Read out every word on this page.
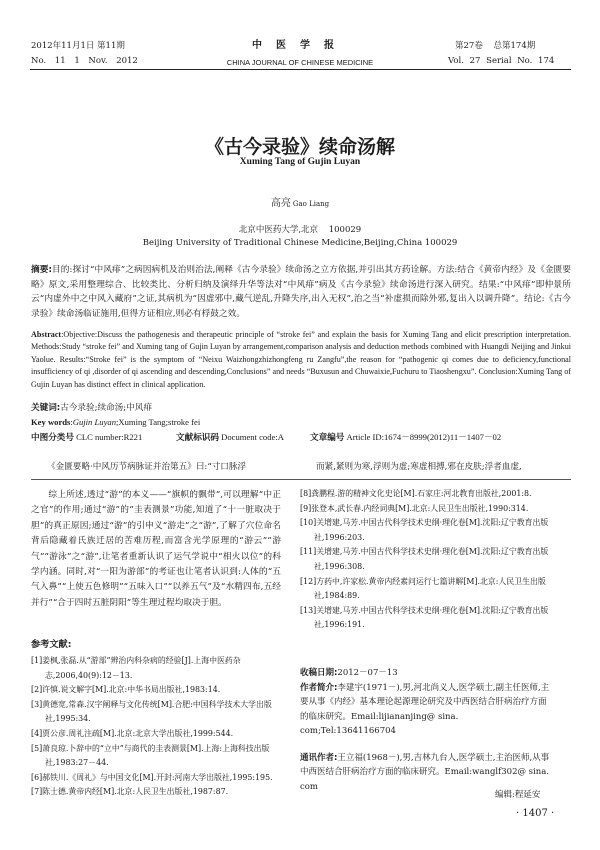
2012年11月1日 第11期
No. 11 1 Nov. 2012
中医学报
CHINA JOURNAL OF CHINESE MEDICINE
第27卷 总第174期
Vol. 27 Serial No. 174
《古今录验》续命汤解
Xuming Tang of Gujin Luyan
高亮 Gao Liang
北京中医药大学,北京 100029
Beijing University of Traditional Chinese Medicine,Beijing,China 100029
摘要:目的:探讨“中风痱”之病因病机及治则治法,阐释《古今录验》续命汤之立方依据,并引出其方药诠解。方法:结合《黄帝内经》及《金匮要略》原文,采用整理综合、比较类比、分析归纳及演绎升华等法对“中风痱”病及《古今录验》续命汤进行深入研究。结果:“中风痱”即仲景所云“内虚外中之中风入藏府”之证,其病机为“因虚邪中,藏气逆乱,升降失序,出入无权”,治之当“补虚损而除外邪,复出入以调升降”。结论:《古今录验》续命汤临证施用,但得方证相应,则必有桴鼓之效。
Abstract:Objective:Discuss the pathogenesis and therapeutic principle of “stroke fei” and explain the basis for Xuming Tang and elicit prescription interpretation. Methods:Study “stroke fei” and Xuming tang of Gujin Luyan by arrangement,comparison analysis and deduction methods combined with Huangdi Neijing and Jinkui Yaolue. Results:“Stroke fei” is the symptom of “Neixu Waizhongzhizhongfeng ru Zangfu”,the reason for “pathogenic qi comes due to deficiency,functional insufficiency of qi ,disorder of qi ascending and descending,Conclusions” and needs “Buxusun and Chuwaixie,Fuchuru to Tiaoshengxu”. Conclusion:Xuming Tang of Gujin Luyan has distinct effect in clinical application.
关键词:古今录验;续命汤;中风痱
Key words:Gujin Luyan;Xuming Tang;stroke fei
中图分类号 CLC number:R221	文献标识码 Document code:A	文章编号 Article ID:1674－8999(2012)11－1407－02
《金匮要略·中风历节病脉证并治第五》曰:“寸口脉浮	而紧,紧则为寒,浮则为虚;寒虚相搏,邪在皮肤;浮者血虚,
综上所述,透过“游”的本义——“旗帜的飘带”,可以理解“中正之官”的作用;通过“游”的“圭表测景”功能,知道了“十一脏取决于胆”的真正原因;通过“游”的引申义“游走”之“游”,了解了穴位命名背后隐藏着氏族迁居的苦难历程,而富含光学原理的“游云”“游气”“游泳”之“游”,让笔者重新认识了运气学说中“相火以位”的科学内涵。同时,对“一阳为游部”的考证也让笔者认识到:人体的“五气入鼻”“上使五色修明”“五味入口”“以养五气”及“水精四布,五经并行”“合于四时五脏阴阳”等生理过程均取决于胆。
参考文献:

[1]姜枫,张磊.从“游部”辨治内科杂病的经验[J].上海中医药杂志,2006,40(9):12－13.

[2]许慎.说文解字[M].北京:中华书局出版社,1983:14.

[3]黄德宽,常森.汉字阐释与文化传统[M].合肥:中国科学技术大学出版社,1995:34.

[4]贾公彦.周礼注疏[M].北京:北京大学出版社,1999:544.

[5]萧良琼.卜辞中的“立中”与商代的圭表测景[M].上海:上海科技出版社,1983:27－44.

[6]郝铁川.《周礼》与中国文化[M].开封:河南大学出版社,1995:195.

[7]陈士德.黄帝内经[M].北京:人民卫生出版社,1987:87.

[8]龚鹏程.游的精神文化史论[M].石家庄:河北教育出版社,2001:8.

[9]张登本,武长春.内经词典[M].北京:人民卫生出版社,1990:314.

[10]关增建,马芳.中国古代科学技术史纲·理化卷[M].沈阳:辽宁教育出版社,1996:203.

[11]关增建,马芳.中国古代科学技术史纲·理化卷[M].沈阳:辽宁教育出版社,1996:308.

[12]方药中,许家松.黄帝内经素问运行七篇讲解[M].北京:人民卫生出版社,1984:89.

[13]关增建,马芳.中国古代科学技术史纲·理化卷[M].沈阳:辽宁教育出版社,1996:191.

收稿日期:2012－07－13
作者简介:李建宇(1971－),男,河北尚义人,医学硕士,副主任医师,主要从事《内经》基本理论起源理论研究及中西医结合肝病治疗方面的临床研究。Email:lijiananjing@ sina. com;Tel:13641166704
通讯作者:王立福(1968－),男,吉林九台人,医学硕士,主治医师,从事中西医结合肝病治疗方面的临床研究。Email:wanglf302@ sina. com
编辑:程延安
· 1407 ·
